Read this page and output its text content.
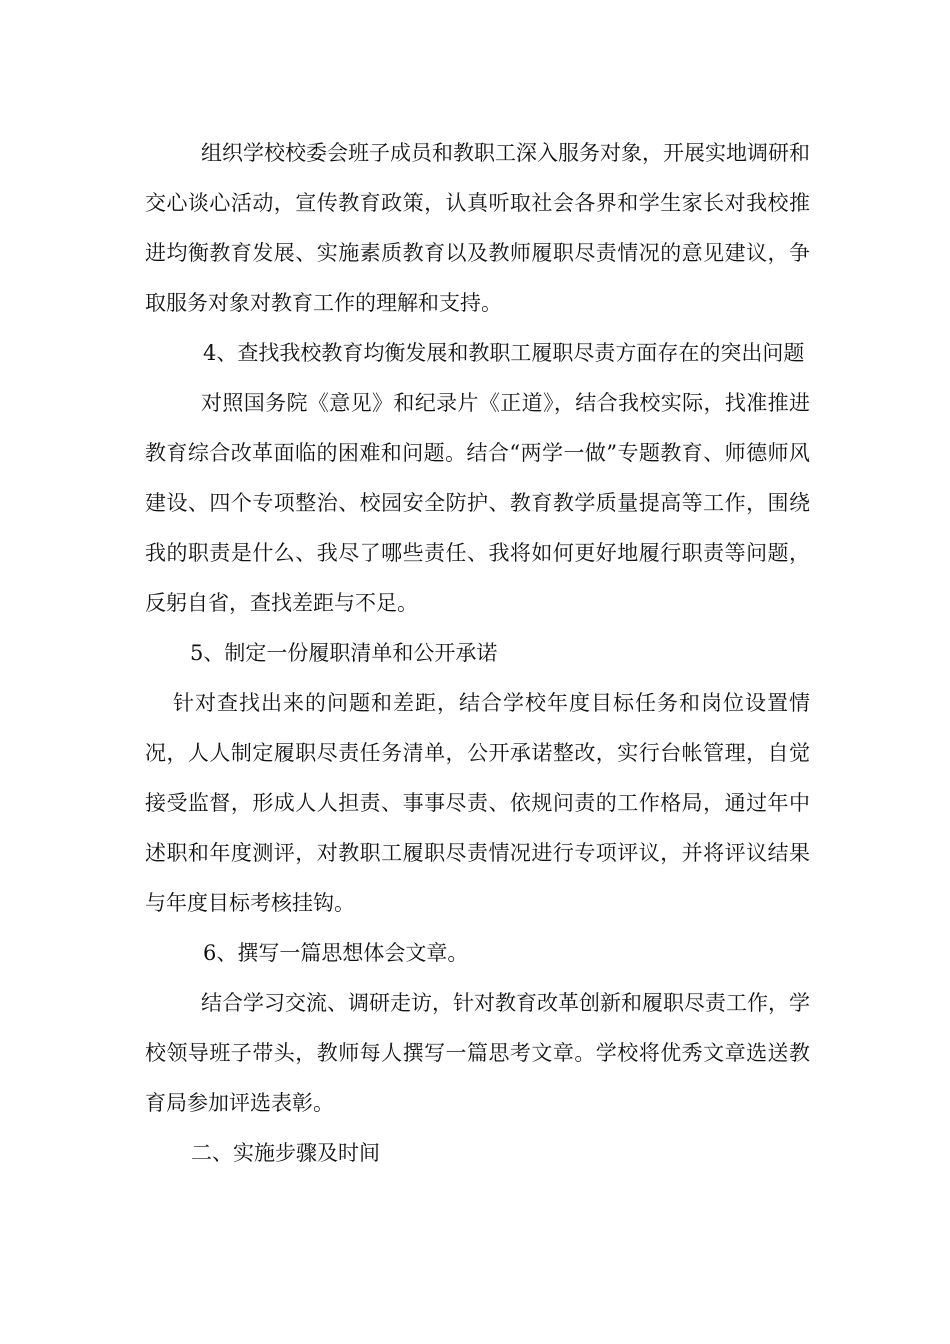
组织学校校委会班子成员和教职工深入服务对象，开展实地调研和交心谈心活动，宣传教育政策，认真听取社会各界和学生家长对我校推进均衡教育发展、实施素质教育以及教师履职尽责情况的意见建议，争取服务对象对教育工作的理解和支持。

4、查找我校教育均衡发展和教职工履职尽责方面存在的突出问题

对照国务院《意见》和纪录片《正道》，结合我校实际，找准推进教育综合改革面临的困难和问题。结合“两学一做”专题教育、师德师风建设、四个专项整治、校园安全防护、教育教学质量提高等工作，围绕我的职责是什么、我尽了哪些责任、我将如何更好地履行职责等问题，反躬自省，查找差距与不足。

5、制定一份履职清单和公开承诺

针对查找出来的问题和差距，结合学校年度目标任务和岗位设置情况，人人制定履职尽责任务清单，公开承诺整改，实行台帐管理，自觉接受监督，形成人人担责、事事尽责、依规问责的工作格局，通过年中述职和年度测评，对教职工履职尽责情况进行专项评议，并将评议结果与年度目标考核挂钩。

6、撰写一篇思想体会文章。

结合学习交流、调研走访，针对教育改革创新和履职尽责工作，学校领导班子带头，教师每人撰写一篇思考文章。学校将优秀文章选送教育局参加评选表彰。

二、实施步骤及时间
